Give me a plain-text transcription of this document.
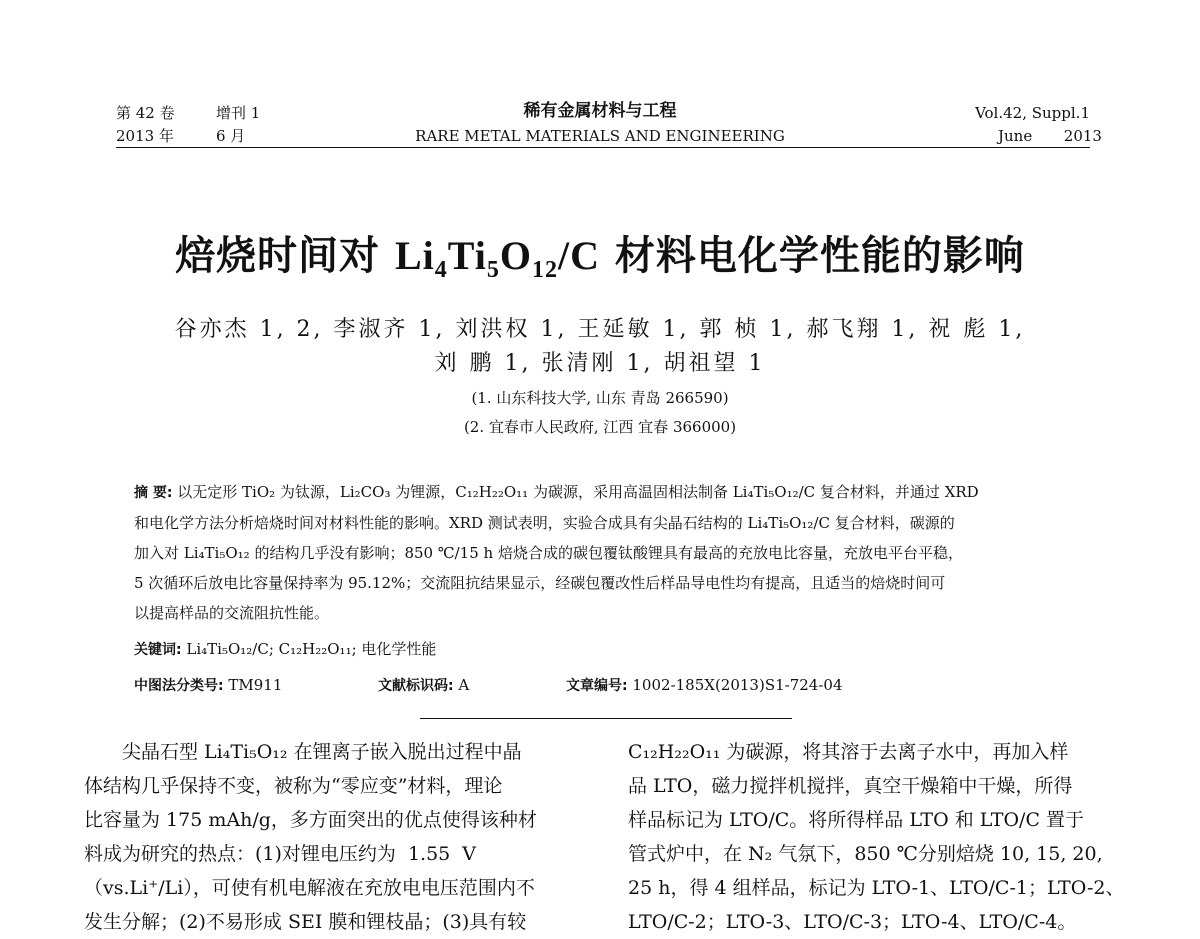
第 42 卷	增刊 1
2013 年	6 月
稀有金属材料与工程
RARE METAL MATERIALS AND ENGINEERING
Vol.42, Suppl.1
June 2013
焙烧时间对 $Li_4Ti_5O_{12}/C$ 材料电化学性能的影响
谷亦杰 1, 2, 李淑齐 1, 刘洪权 1, 王延敏 1, 郭 桢 1, 郝飞翔 1, 祝 彪 1,
刘 鹏 1, 张清刚 1, 胡祖望 1
(1. 山东科技大学, 山东 青岛 266590)
(2. 宜春市人民政府, 江西 宜春 366000)
摘 要: 以无定形 TiO₂ 为钛源，Li₂CO₃ 为锂源，C₁₂H₂₂O₁₁ 为碳源，采用高温固相法制备 Li₄Ti₅O₁₂/C 复合材料，并通过 XRD
和电化学方法分析焙烧时间对材料性能的影响。XRD 测试表明，实验合成具有尖晶石结构的 Li₄Ti₅O₁₂/C 复合材料，碳源的
加入对 Li₄Ti₅O₁₂ 的结构几乎没有影响；850 ℃/15 h 焙烧合成的碳包覆钛酸锂具有最高的充放电比容量，充放电平台平稳，
5 次循环后放电比容量保持率为 95.12%；交流阻抗结果显示，经碳包覆改性后样品导电性均有提高，且适当的焙烧时间可
以提高样品的交流阻抗性能。
关键词: Li₄Ti₅O₁₂/C; C₁₂H₂₂O₁₁; 电化学性能
中图法分类号: TM911	文献标识码: A	文章编号: 1002-185X(2013)S1-724-04
尖晶石型 Li₄Ti₅O₁₂ 在锂离子嵌入脱出过程中晶
体结构几乎保持不变，被称为“零应变”材料，理论
比容量为 175 mAh/g，多方面突出的优点使得该种材
料成为研究的热点：(1)对锂电压约为 1.55 V
（vs.Li⁺/Li），可使有机电解液在充放电电压范围内不
发生分解；(2)不易形成 SEI 膜和锂枝晶；(3)具有较
C₁₂H₂₂O₁₁ 为碳源，将其溶于去离子水中，再加入样
品 LTO，磁力搅拌机搅拌，真空干燥箱中干燥，所得
样品标记为 LTO/C。将所得样品 LTO 和 LTO/C 置于
管式炉中，在 N₂ 气氛下，850 ℃分别焙烧 10, 15, 20,
25 h，得 4 组样品，标记为 LTO-1、LTO/C-1；LTO-2、
LTO/C-2；LTO-3、LTO/C-3；LTO-4、LTO/C-4。
